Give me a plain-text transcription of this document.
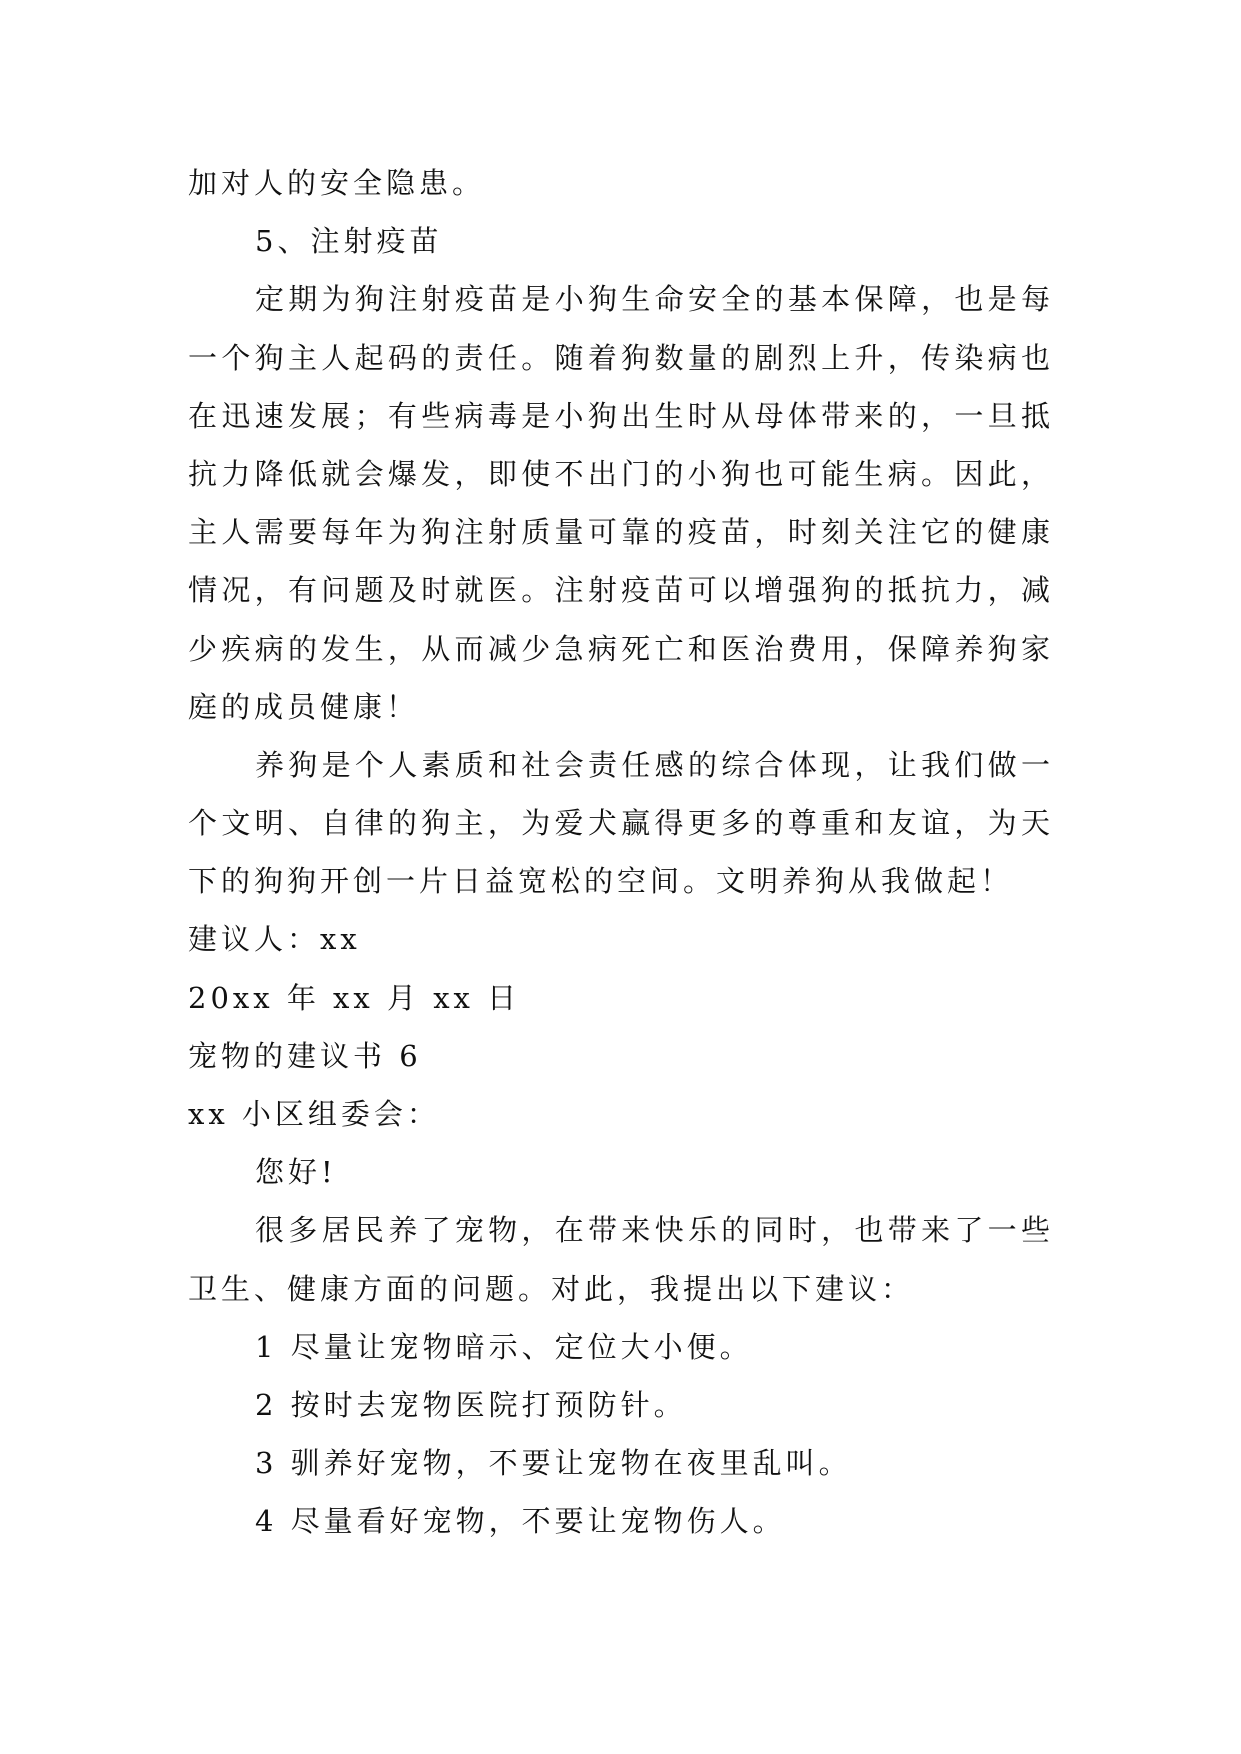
加对人的安全隐患。
5、注射疫苗
定期为狗注射疫苗是小狗生命安全的基本保障，也是每
一个狗主人起码的责任。随着狗数量的剧烈上升，传染病也
在迅速发展；有些病毒是小狗出生时从母体带来的，一旦抵
抗力降低就会爆发，即使不出门的小狗也可能生病。因此，
主人需要每年为狗注射质量可靠的疫苗，时刻关注它的健康
情况，有问题及时就医。注射疫苗可以增强狗的抵抗力，减
少疾病的发生，从而减少急病死亡和医治费用，保障养狗家
庭的成员健康！
养狗是个人素质和社会责任感的综合体现，让我们做一
个文明、自律的狗主，为爱犬赢得更多的尊重和友谊，为天
下的狗狗开创一片日益宽松的空间。文明养狗从我做起！
建议人：xx
20xx 年 xx 月 xx 日
宠物的建议书 6
xx 小区组委会：
您好!
很多居民养了宠物，在带来快乐的同时，也带来了一些
卫生、健康方面的问题。对此，我提出以下建议：
1 尽量让宠物暗示、定位大小便。
2 按时去宠物医院打预防针。
3 驯养好宠物，不要让宠物在夜里乱叫。
4 尽量看好宠物，不要让宠物伤人。
